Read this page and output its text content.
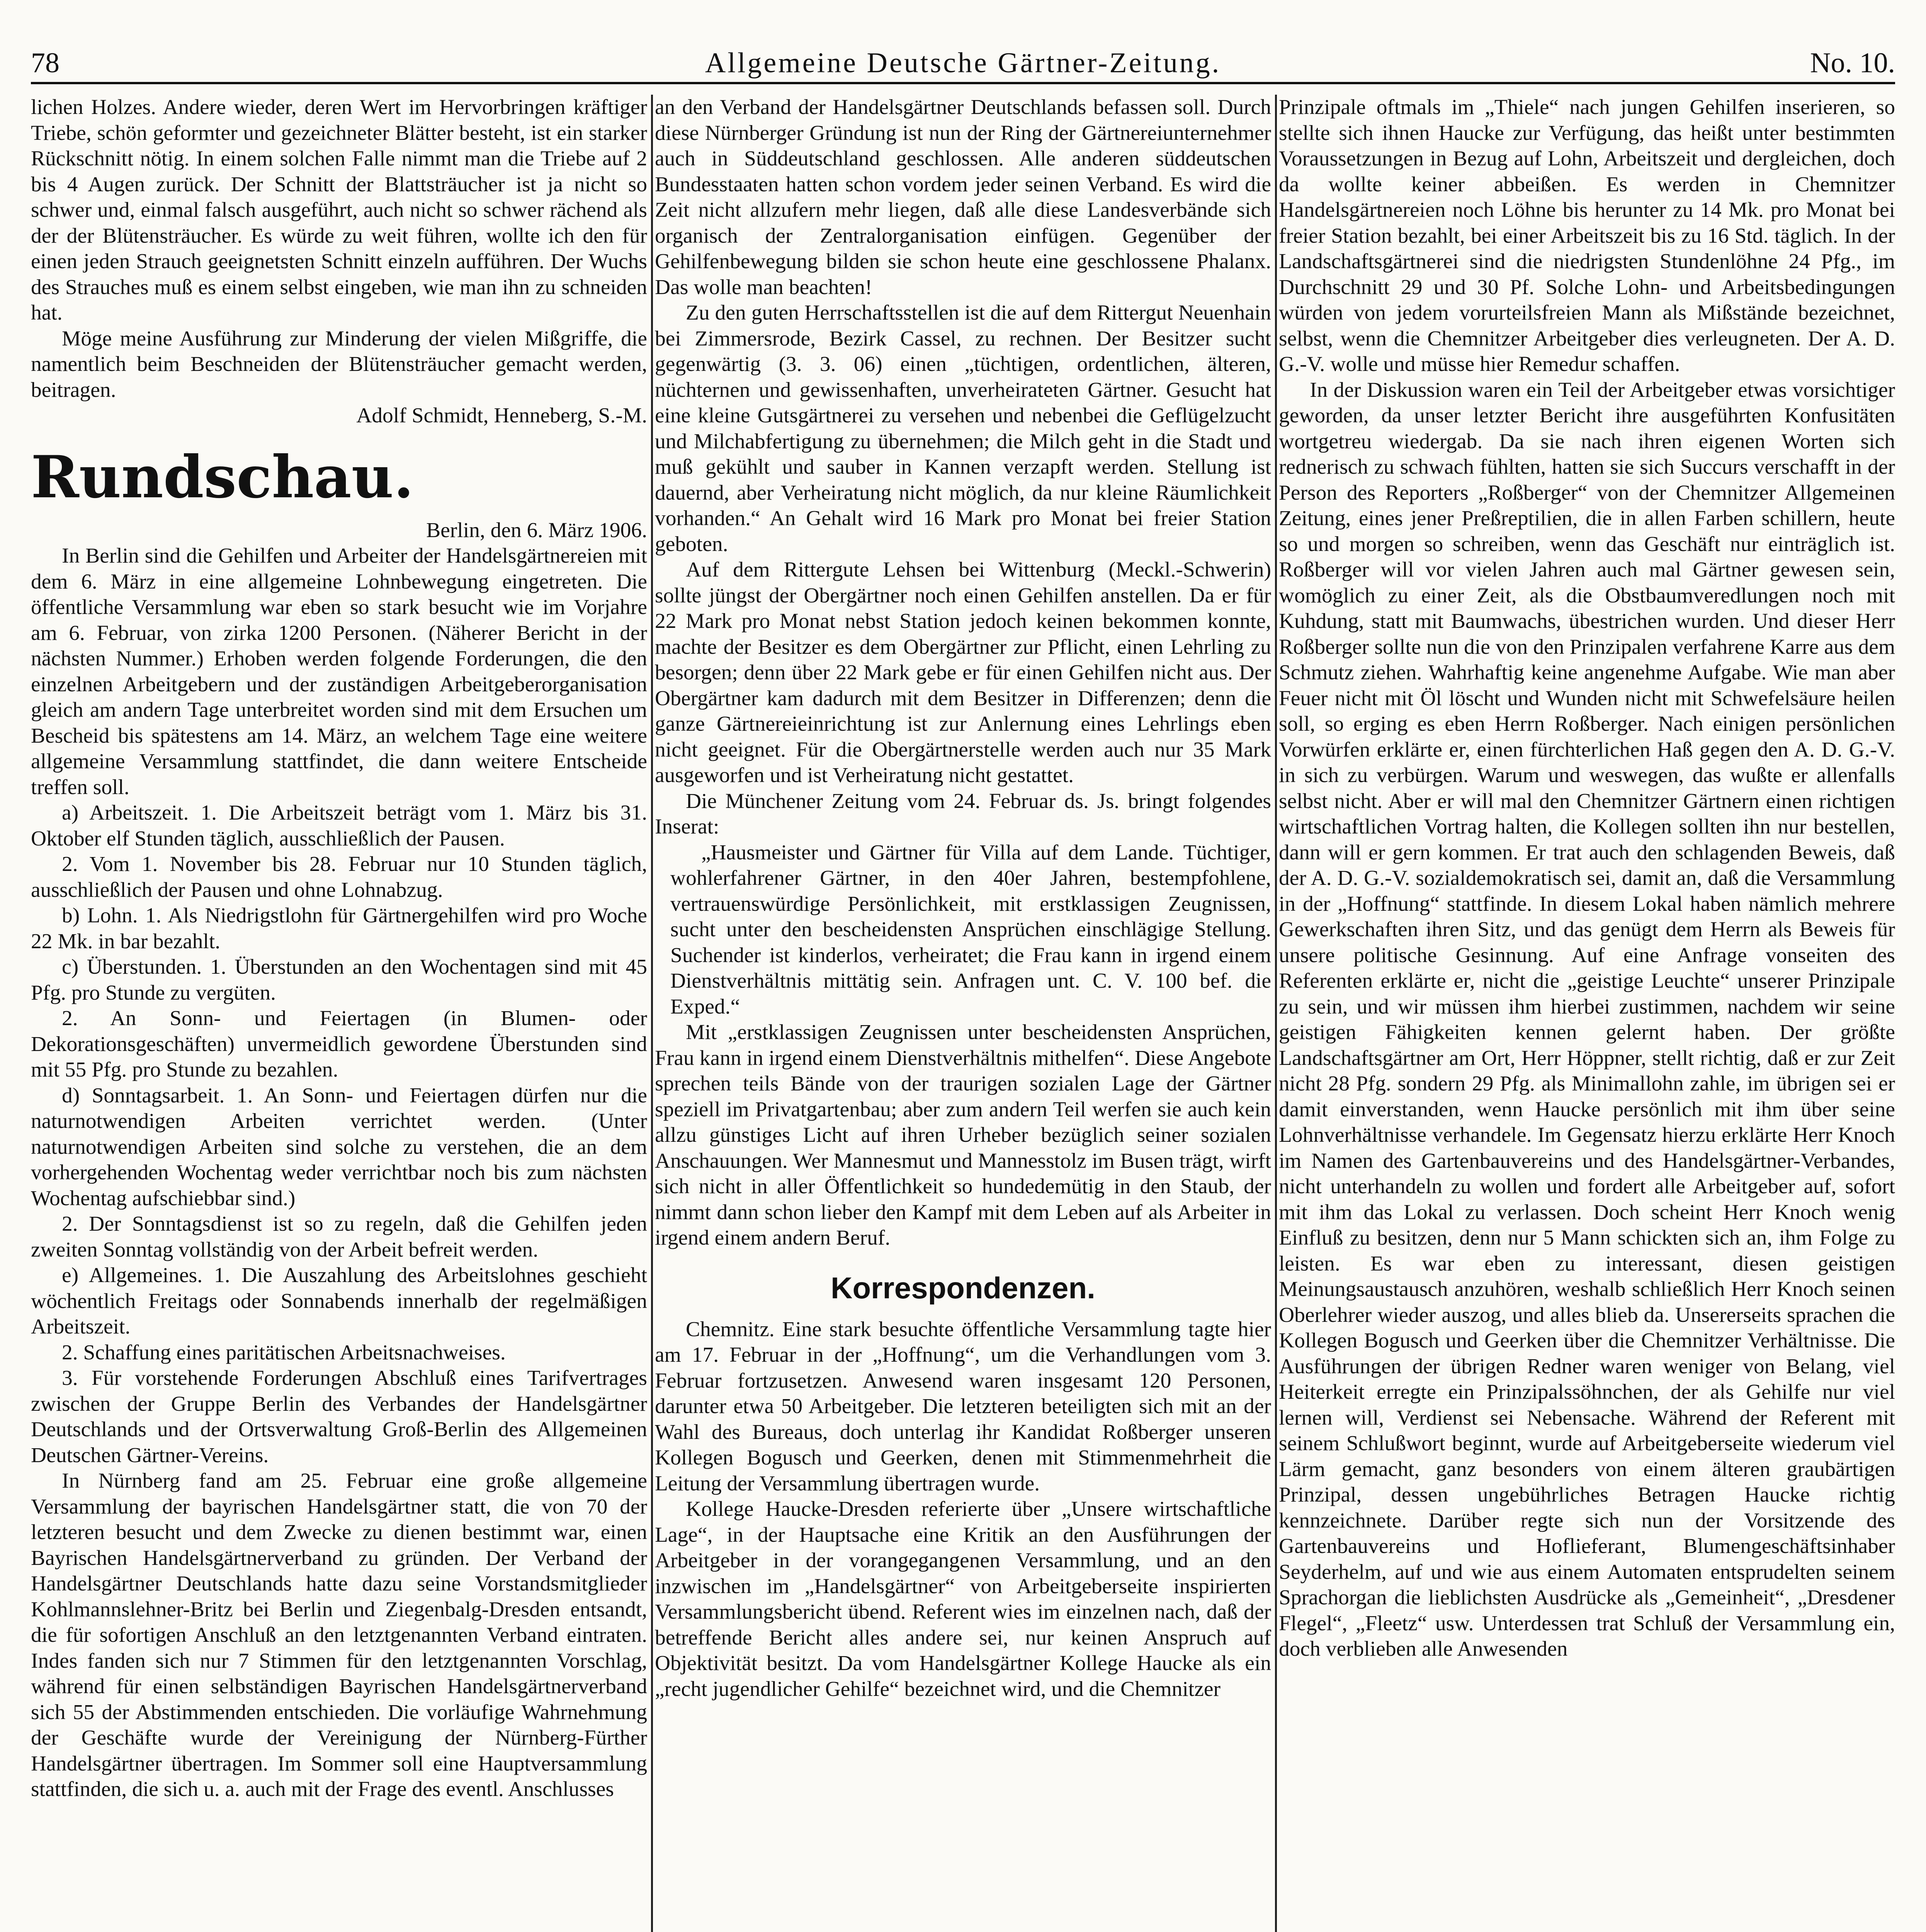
78	Allgemeine Deutsche Gärtner-Zeitung.	No. 10.

lichen Holzes. Andere wieder, deren Wert im Hervorbringen kräftiger Triebe, schön geformter und gezeichneter Blätter besteht, ist ein starker Rückschnitt nötig. In einem solchen Falle nimmt man die Triebe auf 2 bis 4 Augen zurück. Der Schnitt der Blattsträucher ist ja nicht so schwer und, einmal falsch ausgeführt, auch nicht so schwer rächend als der der Blütensträucher. Es würde zu weit führen, wollte ich den für einen jeden Strauch geeignetsten Schnitt einzeln aufführen. Der Wuchs des Strauches muß es einem selbst eingeben, wie man ihn zu schneiden hat.

Möge meine Ausführung zur Minderung der vielen Mißgriffe, die namentlich beim Beschneiden der Blütensträucher gemacht werden, beitragen.

Adolf Schmidt, Henneberg, S.-M.

Rundschau.

Berlin, den 6. März 1906.

In Berlin sind die Gehilfen und Arbeiter der Handelsgärtnereien mit dem 6. März in eine allgemeine Lohnbewegung eingetreten. Die öffentliche Versammlung war eben so stark besucht wie im Vorjahre am 6. Februar, von zirka 1200 Personen. (Näherer Bericht in der nächsten Nummer.) Erhoben werden folgende Forderungen, die den einzelnen Arbeitgebern und der zuständigen Arbeitgeberorganisation gleich am andern Tage unterbreitet worden sind mit dem Ersuchen um Bescheid bis spätestens am 14. März, an welchem Tage eine weitere allgemeine Versammlung stattfindet, die dann weitere Entscheide treffen soll.

a) Arbeitszeit. 1. Die Arbeitszeit beträgt vom 1. März bis 31. Oktober elf Stunden täglich, ausschließlich der Pausen.

2. Vom 1. November bis 28. Februar nur 10 Stunden täglich, ausschließlich der Pausen und ohne Lohnabzug.

b) Lohn. 1. Als Niedrigstlohn für Gärtnergehilfen wird pro Woche 22 Mk. in bar bezahlt.

c) Überstunden. 1. Überstunden an den Wochentagen sind mit 45 Pfg. pro Stunde zu vergüten.

2. An Sonn- und Feiertagen (in Blumen- oder Dekorationsgeschäften) unvermeidlich gewordene Überstunden sind mit 55 Pfg. pro Stunde zu bezahlen.

d) Sonntagsarbeit. 1. An Sonn- und Feiertagen dürfen nur die naturnotwendigen Arbeiten verrichtet werden. (Unter naturnotwendigen Arbeiten sind solche zu verstehen, die an dem vorhergehenden Wochentag weder verrichtbar noch bis zum nächsten Wochentag aufschiebbar sind.)

2. Der Sonntagsdienst ist so zu regeln, daß die Gehilfen jeden zweiten Sonntag vollständig von der Arbeit befreit werden.

e) Allgemeines. 1. Die Auszahlung des Arbeitslohnes geschieht wöchentlich Freitags oder Sonnabends innerhalb der regelmäßigen Arbeitszeit.

2. Schaffung eines paritätischen Arbeitsnachweises.

3. Für vorstehende Forderungen Abschluß eines Tarifvertrages zwischen der Gruppe Berlin des Verbandes der Handelsgärtner Deutschlands und der Ortsverwaltung Groß-Berlin des Allgemeinen Deutschen Gärtner-Vereins.

In Nürnberg fand am 25. Februar eine große allgemeine Versammlung der bayrischen Handelsgärtner statt, die von 70 der letzteren besucht und dem Zwecke zu dienen bestimmt war, einen Bayrischen Handelsgärtnerverband zu gründen. Der Verband der Handelsgärtner Deutschlands hatte dazu seine Vorstandsmitglieder Kohlmannslehner-Britz bei Berlin und Ziegenbalg-Dresden entsandt, die für sofortigen Anschluß an den letztgenannten Verband eintraten. Indes fanden sich nur 7 Stimmen für den letztgenannten Vorschlag, während für einen selbständigen Bayrischen Handelsgärtnerverband sich 55 der Abstimmenden entschieden. Die vorläufige Wahrnehmung der Geschäfte wurde der Vereinigung der Nürnberg-Fürther Handelsgärtner übertragen. Im Sommer soll eine Hauptversammlung stattfinden, die sich u. a. auch mit der Frage des eventl. Anschlusses

an den Verband der Handelsgärtner Deutschlands befassen soll. Durch diese Nürnberger Gründung ist nun der Ring der Gärtnereiunternehmer auch in Süddeutschland geschlossen. Alle anderen süddeutschen Bundesstaaten hatten schon vordem jeder seinen Verband. Es wird die Zeit nicht allzufern mehr liegen, daß alle diese Landesverbände sich organisch der Zentralorganisation einfügen. Gegenüber der Gehilfenbewegung bilden sie schon heute eine geschlossene Phalanx. Das wolle man beachten!

Zu den guten Herrschaftsstellen ist die auf dem Rittergut Neuenhain bei Zimmersrode, Bezirk Cassel, zu rechnen. Der Besitzer sucht gegenwärtig (3. 3. 06) einen „tüchtigen, ordentlichen, älteren, nüchternen und gewissenhaften, unverheirateten Gärtner. Gesucht hat eine kleine Gutsgärtnerei zu versehen und nebenbei die Geflügelzucht und Milchabfertigung zu übernehmen; die Milch geht in die Stadt und muß gekühlt und sauber in Kannen verzapft werden. Stellung ist dauernd, aber Verheiratung nicht möglich, da nur kleine Räumlichkeit vorhanden.“ An Gehalt wird 16 Mark pro Monat bei freier Station geboten.

Auf dem Rittergute Lehsen bei Wittenburg (Meckl.-Schwerin) sollte jüngst der Obergärtner noch einen Gehilfen anstellen. Da er für 22 Mark pro Monat nebst Station jedoch keinen bekommen konnte, machte der Besitzer es dem Obergärtner zur Pflicht, einen Lehrling zu besorgen; denn über 22 Mark gebe er für einen Gehilfen nicht aus. Der Obergärtner kam dadurch mit dem Besitzer in Differenzen; denn die ganze Gärtnereieinrichtung ist zur Anlernung eines Lehrlings eben nicht geeignet. Für die Obergärtnerstelle werden auch nur 35 Mark ausgeworfen und ist Verheiratung nicht gestattet.

Die Münchener Zeitung vom 24. Februar ds. Js. bringt folgendes Inserat:

„Hausmeister und Gärtner für Villa auf dem Lande. Tüchtiger, wohlerfahrener Gärtner, in den 40er Jahren, bestempfohlene, vertrauenswürdige Persönlichkeit, mit erstklassigen Zeugnissen, sucht unter den bescheidensten Ansprüchen einschlägige Stellung. Suchender ist kinderlos, verheiratet; die Frau kann in irgend einem Dienstverhältnis mittätig sein. Anfragen unt. C. V. 100 bef. die Exped.“

Mit „erstklassigen Zeugnissen unter bescheidensten Ansprüchen, Frau kann in irgend einem Dienstverhältnis mithelfen“. Diese Angebote sprechen teils Bände von der traurigen sozialen Lage der Gärtner speziell im Privatgartenbau; aber zum andern Teil werfen sie auch kein allzu günstiges Licht auf ihren Urheber bezüglich seiner sozialen Anschauungen. Wer Mannesmut und Mannesstolz im Busen trägt, wirft sich nicht in aller Öffentlichkeit so hundedemütig in den Staub, der nimmt dann schon lieber den Kampf mit dem Leben auf als Arbeiter in irgend einem andern Beruf.

Korrespondenzen.

Chemnitz. Eine stark besuchte öffentliche Versammlung tagte hier am 17. Februar in der „Hoffnung“, um die Verhandlungen vom 3. Februar fortzusetzen. Anwesend waren insgesamt 120 Personen, darunter etwa 50 Arbeitgeber. Die letzteren beteiligten sich mit an der Wahl des Bureaus, doch unterlag ihr Kandidat Roßberger unseren Kollegen Bogusch und Geerken, denen mit Stimmenmehrheit die Leitung der Versammlung übertragen wurde.

Kollege Haucke-Dresden referierte über „Unsere wirtschaftliche Lage“, in der Hauptsache eine Kritik an den Ausführungen der Arbeitgeber in der vorangegangenen Versammlung, und an den inzwischen im „Handelsgärtner“ von Arbeitgeberseite inspirierten Versammlungsbericht übend. Referent wies im einzelnen nach, daß der betreffende Bericht alles andere sei, nur keinen Anspruch auf Objektivität besitzt. Da vom Handelsgärtner Kollege Haucke als ein „recht jugendlicher Gehilfe“ bezeichnet wird, und die Chemnitzer

Prinzipale oftmals im „Thiele“ nach jungen Gehilfen inserieren, so stellte sich ihnen Haucke zur Verfügung, das heißt unter bestimmten Voraussetzungen in Bezug auf Lohn, Arbeitszeit und dergleichen, doch da wollte keiner abbeißen. Es werden in Chemnitzer Handelsgärtnereien noch Löhne bis herunter zu 14 Mk. pro Monat bei freier Station bezahlt, bei einer Arbeitszeit bis zu 16 Std. täglich. In der Landschaftsgärtnerei sind die niedrigsten Stundenlöhne 24 Pfg., im Durchschnitt 29 und 30 Pf. Solche Lohn- und Arbeitsbedingungen würden von jedem vorurteilsfreien Mann als Mißstände bezeichnet, selbst, wenn die Chemnitzer Arbeitgeber dies verleugneten. Der A. D. G.-V. wolle und müsse hier Remedur schaffen.

In der Diskussion waren ein Teil der Arbeitgeber etwas vorsichtiger geworden, da unser letzter Bericht ihre ausgeführten Konfusitäten wortgetreu wiedergab. Da sie nach ihren eigenen Worten sich rednerisch zu schwach fühlten, hatten sie sich Succurs verschafft in der Person des Reporters „Roßberger“ von der Chemnitzer Allgemeinen Zeitung, eines jener Preßreptilien, die in allen Farben schillern, heute so und morgen so schreiben, wenn das Geschäft nur einträglich ist. Roßberger will vor vielen Jahren auch mal Gärtner gewesen sein, womöglich zu einer Zeit, als die Obstbaumveredlungen noch mit Kuhdung, statt mit Baumwachs, übestrichen wurden. Und dieser Herr Roßberger sollte nun die von den Prinzipalen verfahrene Karre aus dem Schmutz ziehen. Wahrhaftig keine angenehme Aufgabe. Wie man aber Feuer nicht mit Öl löscht und Wunden nicht mit Schwefelsäure heilen soll, so erging es eben Herrn Roßberger. Nach einigen persönlichen Vorwürfen erklärte er, einen fürchterlichen Haß gegen den A. D. G.-V. in sich zu verbürgen. Warum und weswegen, das wußte er allenfalls selbst nicht. Aber er will mal den Chemnitzer Gärtnern einen richtigen wirtschaftlichen Vortrag halten, die Kollegen sollten ihn nur bestellen, dann will er gern kommen. Er trat auch den schlagenden Beweis, daß der A. D. G.-V. sozialdemokratisch sei, damit an, daß die Versammlung in der „Hoffnung“ stattfinde. In diesem Lokal haben nämlich mehrere Gewerkschaften ihren Sitz, und das genügt dem Herrn als Beweis für unsere politische Gesinnung. Auf eine Anfrage vonseiten des Referenten erklärte er, nicht die „geistige Leuchte“ unserer Prinzipale zu sein, und wir müssen ihm hierbei zustimmen, nachdem wir seine geistigen Fähigkeiten kennen gelernt haben. Der größte Landschaftsgärtner am Ort, Herr Höppner, stellt richtig, daß er zur Zeit nicht 28 Pfg. sondern 29 Pfg. als Minimallohn zahle, im übrigen sei er damit einverstanden, wenn Haucke persönlich mit ihm über seine Lohnverhältnisse verhandele. Im Gegensatz hierzu erklärte Herr Knoch im Namen des Gartenbauvereins und des Handelsgärtner-Verbandes, nicht unterhandeln zu wollen und fordert alle Arbeitgeber auf, sofort mit ihm das Lokal zu verlassen. Doch scheint Herr Knoch wenig Einfluß zu besitzen, denn nur 5 Mann schickten sich an, ihm Folge zu leisten. Es war eben zu interessant, diesen geistigen Meinungsaustausch anzuhören, weshalb schließlich Herr Knoch seinen Oberlehrer wieder auszog, und alles blieb da. Unsererseits sprachen die Kollegen Bogusch und Geerken über die Chemnitzer Verhältnisse. Die Ausführungen der übrigen Redner waren weniger von Belang, viel Heiterkeit erregte ein Prinzipalssöhnchen, der als Gehilfe nur viel lernen will, Verdienst sei Nebensache. Während der Referent mit seinem Schlußwort beginnt, wurde auf Arbeitgeberseite wiederum viel Lärm gemacht, ganz besonders von einem älteren graubärtigen Prinzipal, dessen ungebührliches Betragen Haucke richtig kennzeichnete. Darüber regte sich nun der Vorsitzende des Gartenbauvereins und Hoflieferant, Blumengeschäftsinhaber Seyderhelm, auf und wie aus einem Automaten entsprudelten seinem Sprachorgan die lieblichsten Ausdrücke als „Gemeinheit“, „Dresdener Flegel“, „Fleetz“ usw. Unterdessen trat Schluß der Versammlung ein, doch verblieben alle Anwesenden
